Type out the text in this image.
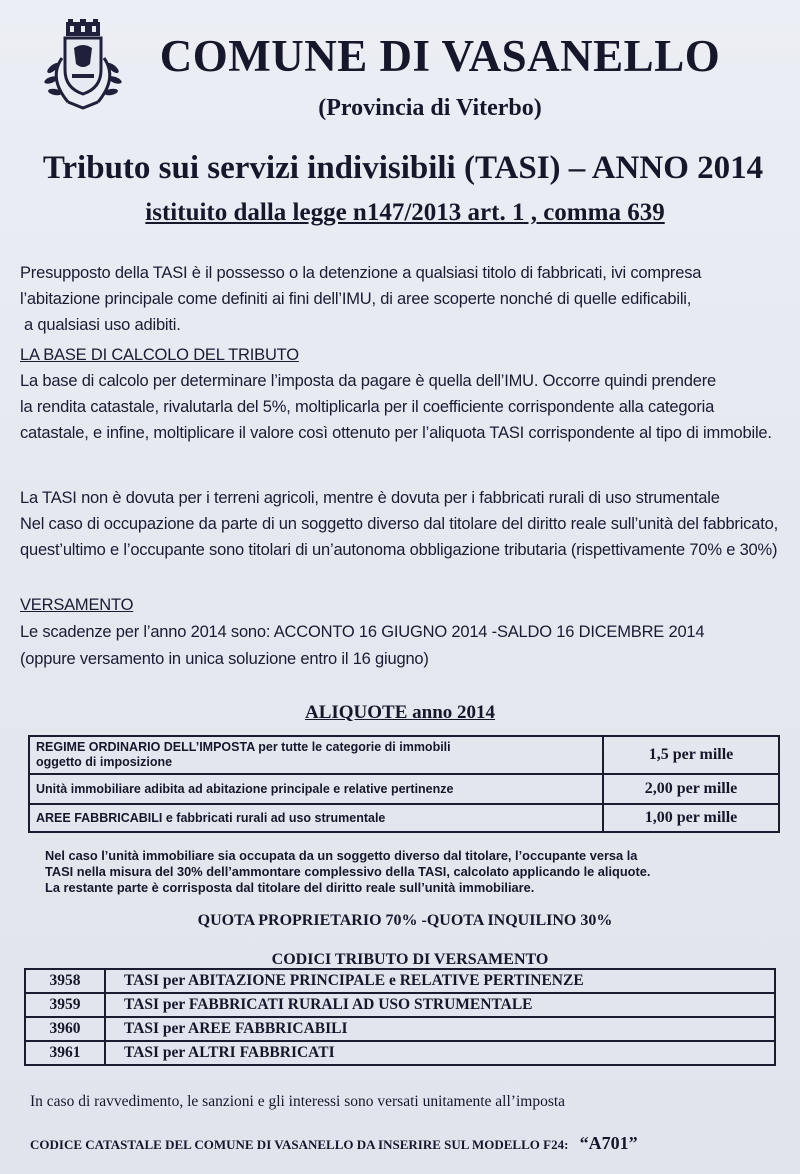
COMUNE DI VASANELLO
(Provincia di Viterbo)
Tributo sui servizi indivisibili (TASI) – ANNO 2014
istituito dalla legge n147/2013 art. 1 , comma 639

Presupposto della TASI è il possesso o la detenzione a qualsiasi titolo di fabbricati, ivi compresa

l’abitazione principale come definiti ai fini dell’IMU, di aree scoperte nonché di quelle edificabili,

a qualsiasi uso adibiti.

LA BASE DI CALCOLO DEL TRIBUTO

La base di calcolo per determinare l’imposta da pagare è quella dell’IMU. Occorre quindi prendere

la rendita catastale, rivalutarla del 5%, moltiplicarla per il coefficiente corrispondente alla categoria

catastale, e infine, moltiplicare il valore così ottenuto per l’aliquota TASI corrispondente al tipo di immobile.

La TASI non è dovuta per i terreni agricoli, mentre è dovuta per i fabbricati rurali di uso strumentale

Nel caso di occupazione da parte di un soggetto diverso dal titolare del diritto reale sull’unità del fabbricato,

quest’ultimo e l’occupante sono titolari di un’autonoma obbligazione tributaria (rispettivamente 70% e 30%)

VERSAMENTO

Le scadenze per l’anno 2014 sono: ACCONTO 16 GIUGNO 2014 -SALDO 16 DICEMBRE 2014

(oppure versamento in unica soluzione entro il 16 giugno)

ALIQUOTE anno 2014
REGIME ORDINARIO DELL’IMPOSTA per tutte le categorie di immobili
oggetto di imposizione	1,5 per mille
Unità immobiliare adibita ad abitazione principale e relative pertinenze	2,00 per mille
AREE FABBRICABILI e fabbricati rurali ad uso strumentale	1,00 per mille

Nel caso l’unità immobiliare sia occupata da un soggetto diverso dal titolare, l’occupante versa la

TASI nella misura del 30% dell’ammontare complessivo della TASI, calcolato applicando le aliquote.

La restante parte è corrisposta dal titolare del diritto reale sull’unità immobiliare.

QUOTA PROPRIETARIO 70% -QUOTA INQUILINO 30%
CODICI TRIBUTO DI VERSAMENTO
3958	TASI per ABITAZIONE PRINCIPALE e RELATIVE PERTINENZE
3959	TASI per FABBRICATI RURALI AD USO STRUMENTALE
3960	TASI per AREE FABBRICABILI
3961	TASI per ALTRI FABBRICATI
In caso di ravvedimento, le sanzioni e gli interessi sono versati unitamente all’imposta
CODICE CATASTALE DEL COMUNE DI VASANELLO DA INSERIRE SUL MODELLO F24: “A701”
